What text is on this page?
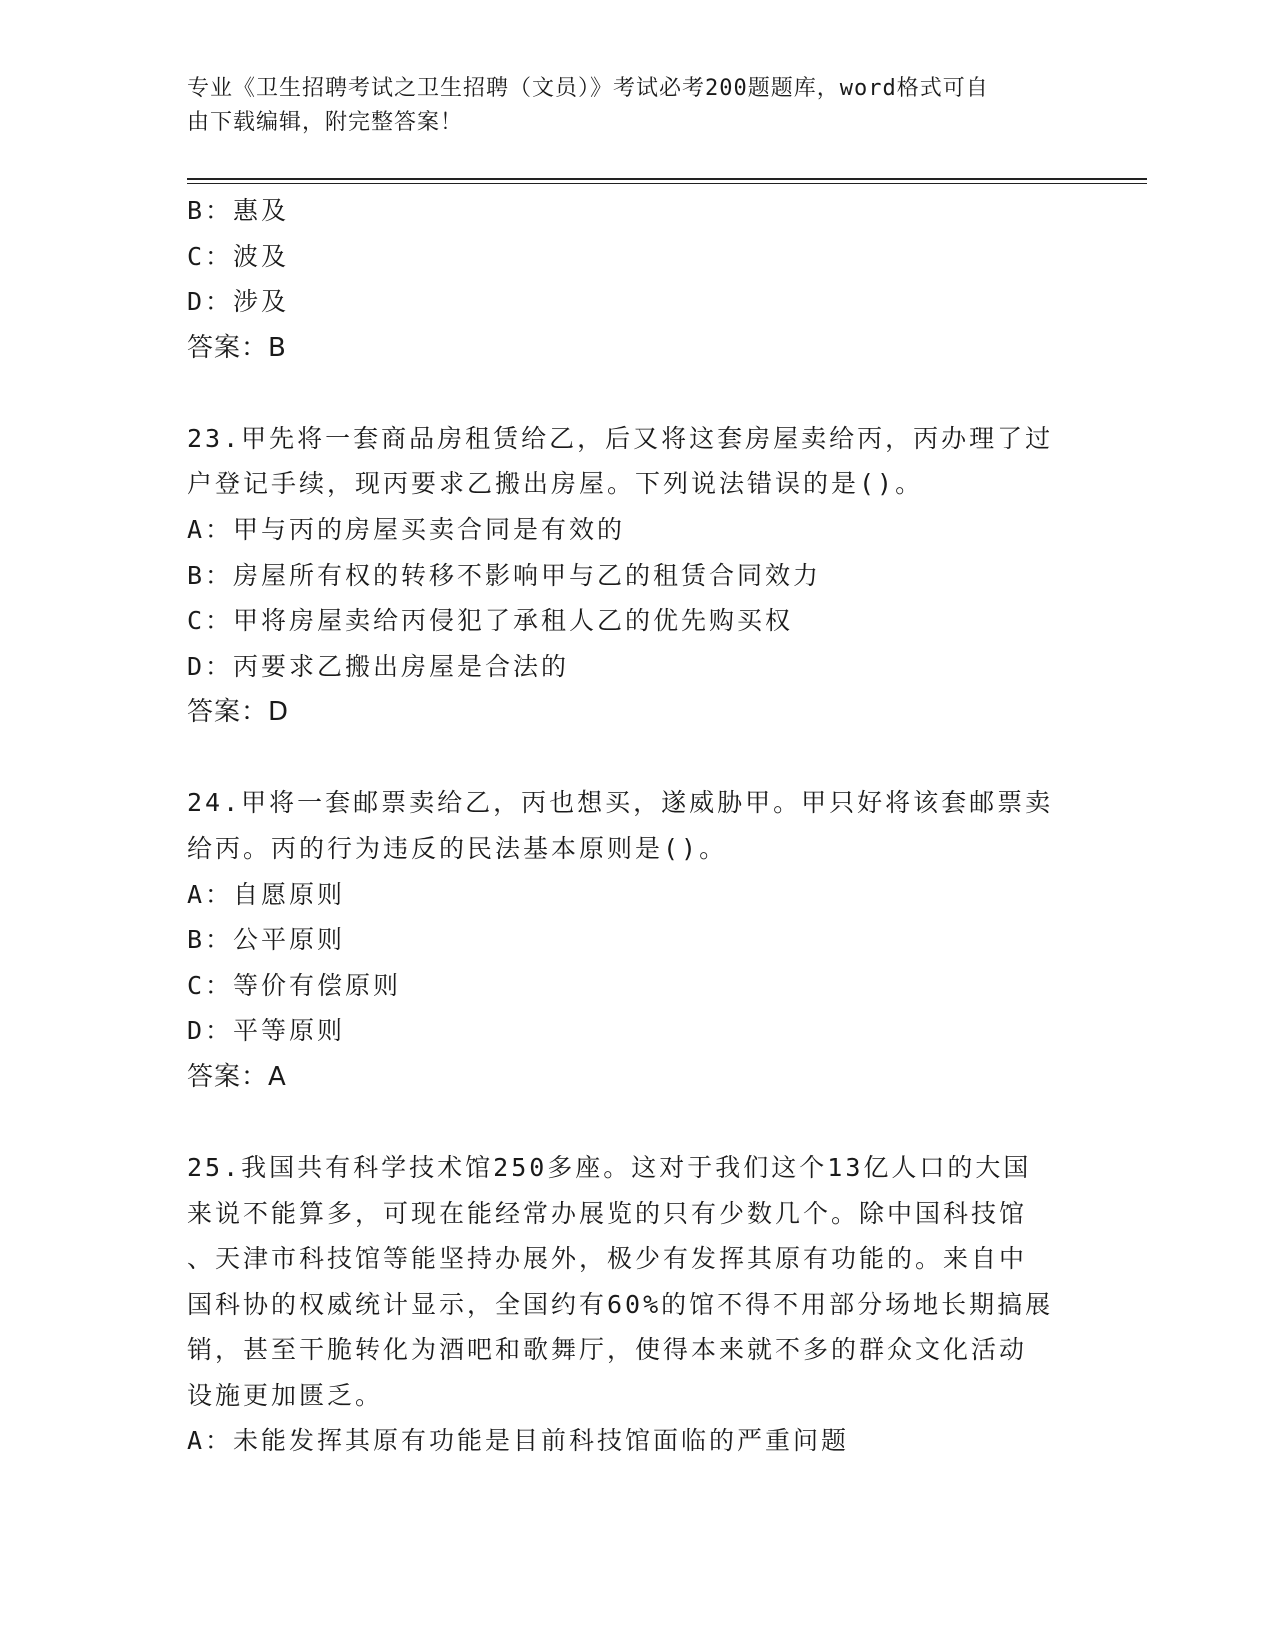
专业《卫生招聘考试之卫生招聘（文员）》考试必考200题题库，word格式可自
由下载编辑，附完整答案！
B：惠及
C：波及
D：涉及
答案：B
23.甲先将一套商品房租赁给乙，后又将这套房屋卖给丙，丙办理了过
户登记手续，现丙要求乙搬出房屋。下列说法错误的是()。
A：甲与丙的房屋买卖合同是有效的
B：房屋所有权的转移不影响甲与乙的租赁合同效力
C：甲将房屋卖给丙侵犯了承租人乙的优先购买权
D：丙要求乙搬出房屋是合法的
答案：D
24.甲将一套邮票卖给乙，丙也想买，遂威胁甲。甲只好将该套邮票卖
给丙。丙的行为违反的民法基本原则是()。
A：自愿原则
B：公平原则
C：等价有偿原则
D：平等原则
答案：A
25.我国共有科学技术馆250多座。这对于我们这个13亿人口的大国
来说不能算多，可现在能经常办展览的只有少数几个。除中国科技馆
、天津市科技馆等能坚持办展外，极少有发挥其原有功能的。来自中
国科协的权威统计显示，全国约有60%的馆不得不用部分场地长期搞展
销，甚至干脆转化为酒吧和歌舞厅，使得本来就不多的群众文化活动
设施更加匮乏。
A：未能发挥其原有功能是目前科技馆面临的严重问题
